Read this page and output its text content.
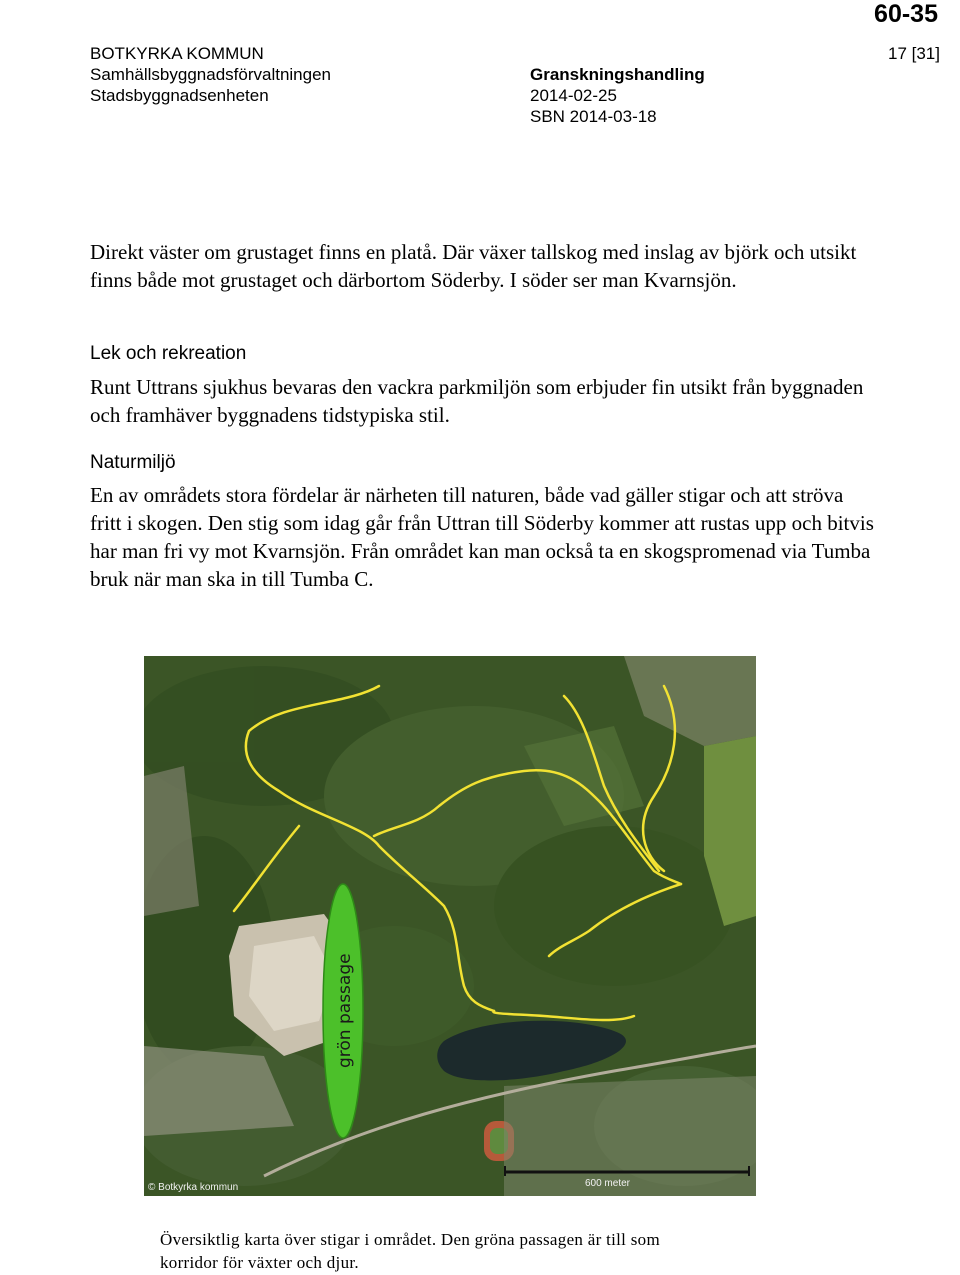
60-35
BOTKYRKA KOMMUN
Samhällsbyggnadsförvaltningen
Stadsbyggnadsenheten
Granskningshandling
2014-02-25
SBN 2014-03-18
17 [31]
Direkt väster om grustaget finns en platå. Där växer tallskog med inslag av björk och utsikt finns både mot grustaget och därbortom Söderby. I söder ser man Kvarnsjön.
Lek och rekreation
Runt Uttrans sjukhus bevaras den vackra parkmiljön som erbjuder fin utsikt från byggnaden och framhäver byggnadens tidstypiska stil.
Naturmiljö
En av områdets stora fördelar är närheten till naturen, både vad gäller stigar och att ströva fritt i skogen. Den stig som idag går från Uttran till Söderby kommer att rustas upp och bitvis har man fri vy mot Kvarnsjön. Från området kan man också ta en skogspromenad via Tumba bruk när man ska in till Tumba C.
grön passage
© Botkyrka kommun	600 meter
Översiktlig karta över stigar i området. Den gröna passagen är till som korridor för växter och djur.
